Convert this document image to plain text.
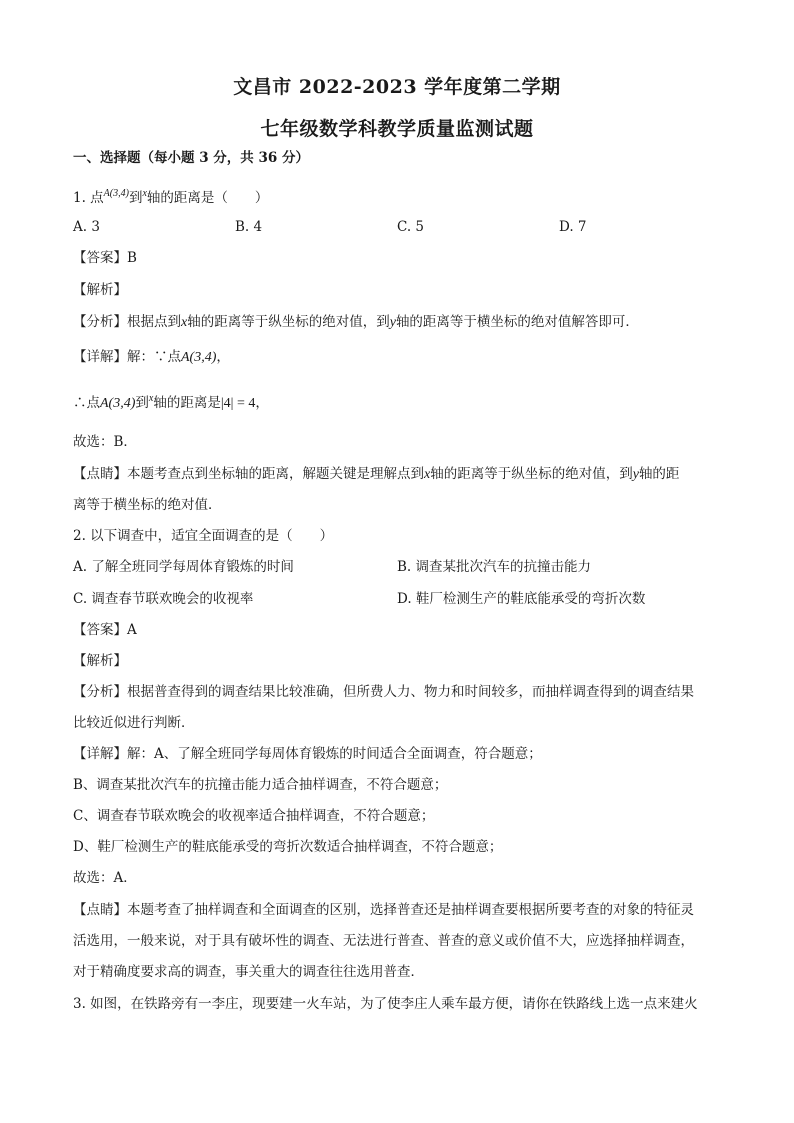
文昌市 2022-2023 学年度第二学期
七年级数学科教学质量监测试题
一、选择题（每小题 3 分，共 36 分）
1. 点$^{A(3,4)}$到$^x$轴的距离是（　　）
A. 3	B. 4	C. 5	D. 7
【答案】B
【解析】
【分析】根据点到x轴的距离等于纵坐标的绝对值，到y轴的距离等于横坐标的绝对值解答即可．
【详解】解：∵点A(3,4)，
∴点A(3,4)到$^x$轴的距离是|4| = 4，
故选：B．
【点睛】本题考查点到坐标轴的距离，解题关键是理解点到x轴的距离等于纵坐标的绝对值，到y轴的距
离等于横坐标的绝对值．
2. 以下调查中，适宜全面调查的是（　　）
A. 了解全班同学每周体育锻炼的时间	B. 调查某批次汽车的抗撞击能力
C. 调查春节联欢晚会的收视率	D. 鞋厂检测生产的鞋底能承受的弯折次数
【答案】A
【解析】
【分析】根据普查得到的调查结果比较准确，但所费人力、物力和时间较多，而抽样调查得到的调查结果
比较近似进行判断．
【详解】解：A、了解全班同学每周体育锻炼的时间适合全面调查，符合题意；
B、调查某批次汽车的抗撞击能力适合抽样调查，不符合题意；
C、调查春节联欢晚会的收视率适合抽样调查，不符合题意；
D、鞋厂检测生产的鞋底能承受的弯折次数适合抽样调查，不符合题意；
故选：A．
【点睛】本题考查了抽样调查和全面调查的区别，选择普查还是抽样调查要根据所要考查的对象的特征灵
活选用，一般来说，对于具有破坏性的调查、无法进行普查、普查的意义或价值不大，应选择抽样调查，
对于精确度要求高的调查，事关重大的调查往往选用普查．
3. 如图，在铁路旁有一李庄，现要建一火车站，为了使李庄人乘车最方便，请你在铁路线上选一点来建火
